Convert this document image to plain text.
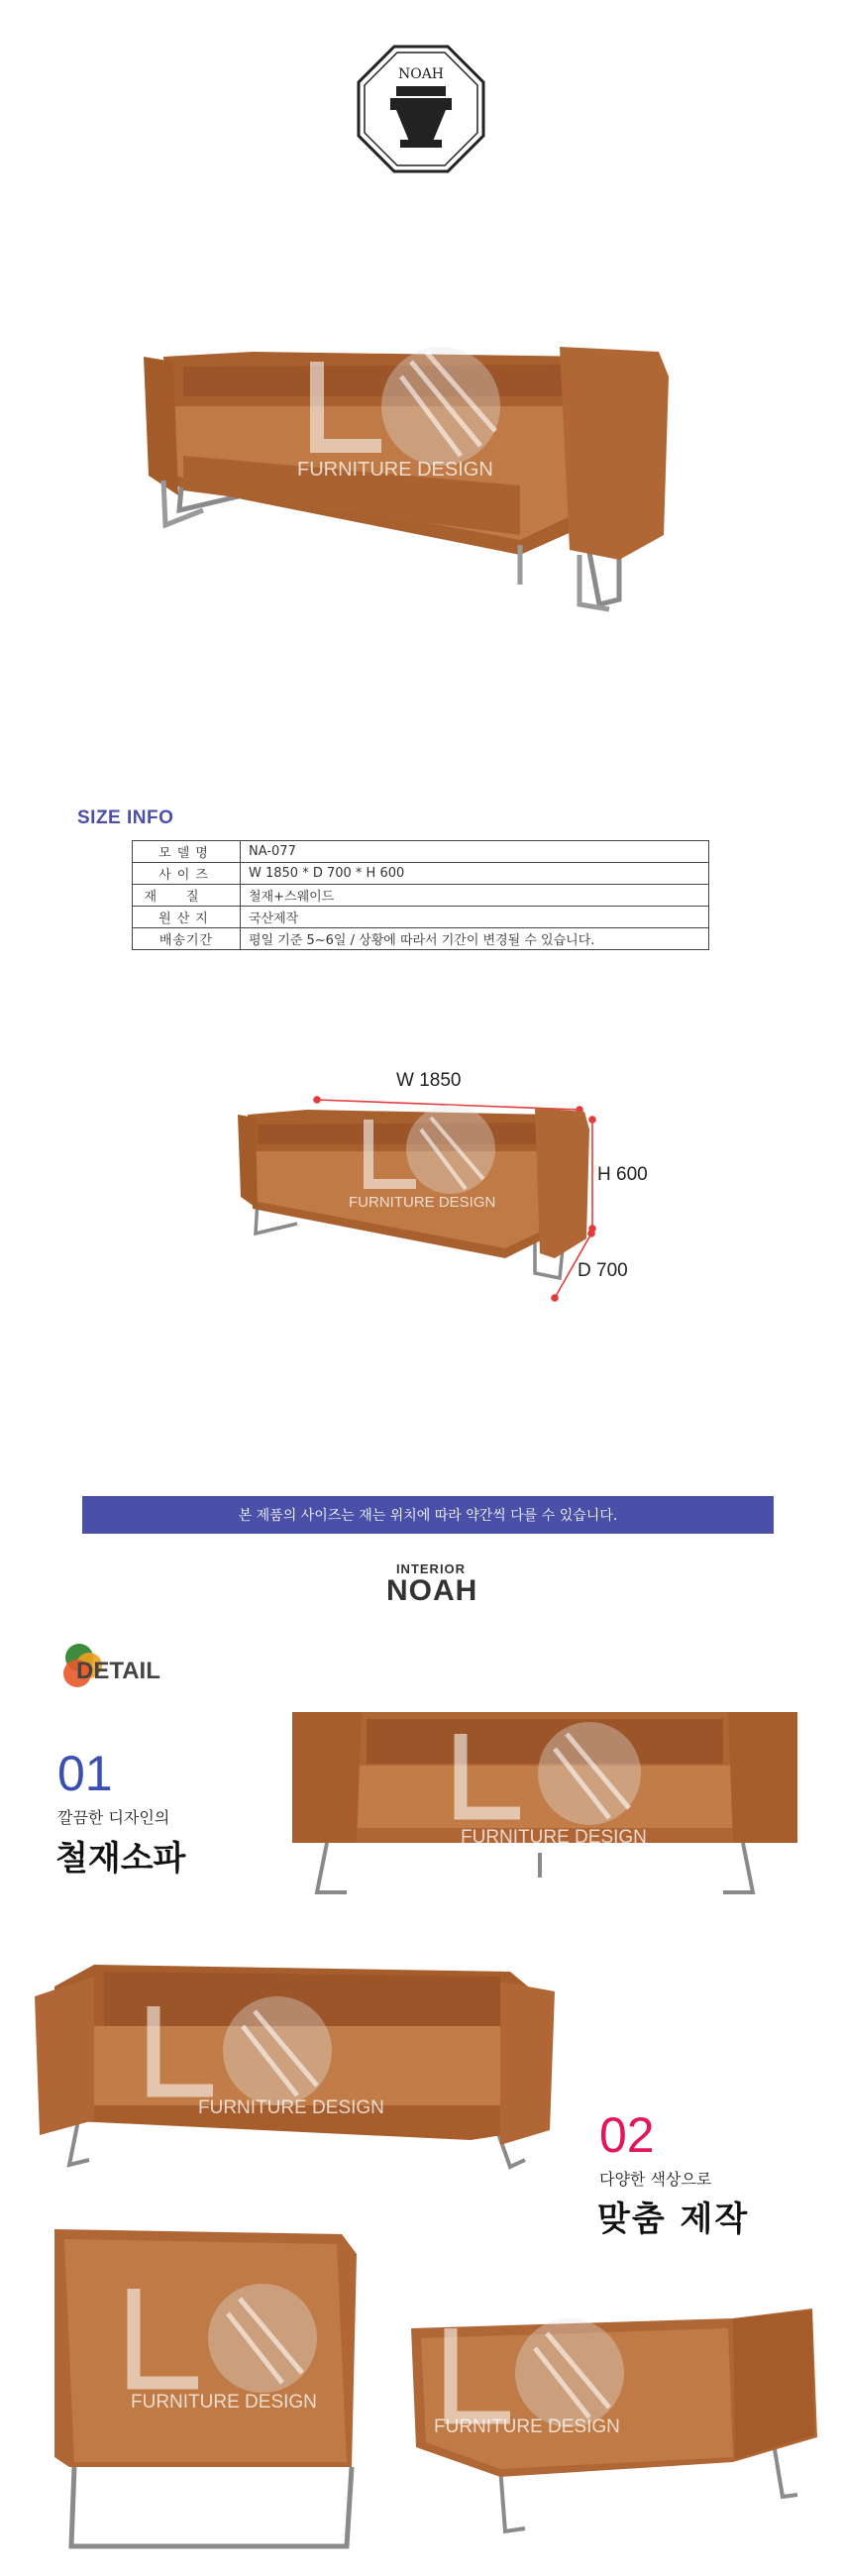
NOAH
FURNITURE DESIGN
SIZE INFO
모델명	NA-077
사이즈	W 1850 * D 700 * H 600
재질	철재+스웨이드
원산지	국산제작
배송기간	평일 기준 5~6일 / 상황에 따라서 기간이 변경될 수 있습니다.
FURNITURE DESIGN
W 1850
H 600
D 700
본 제품의 사이즈는 재는 위치에 따라 약간씩 다를 수 있습니다.
INTERIOR
NOAH
DETAIL
01
깔끔한 디자인의
철재소파
FURNITURE DESIGN
FURNITURE DESIGN	02
다양한 색상으로
맞춤 제작
FURNITURE DESIGN
FURNITURE DESIGN
